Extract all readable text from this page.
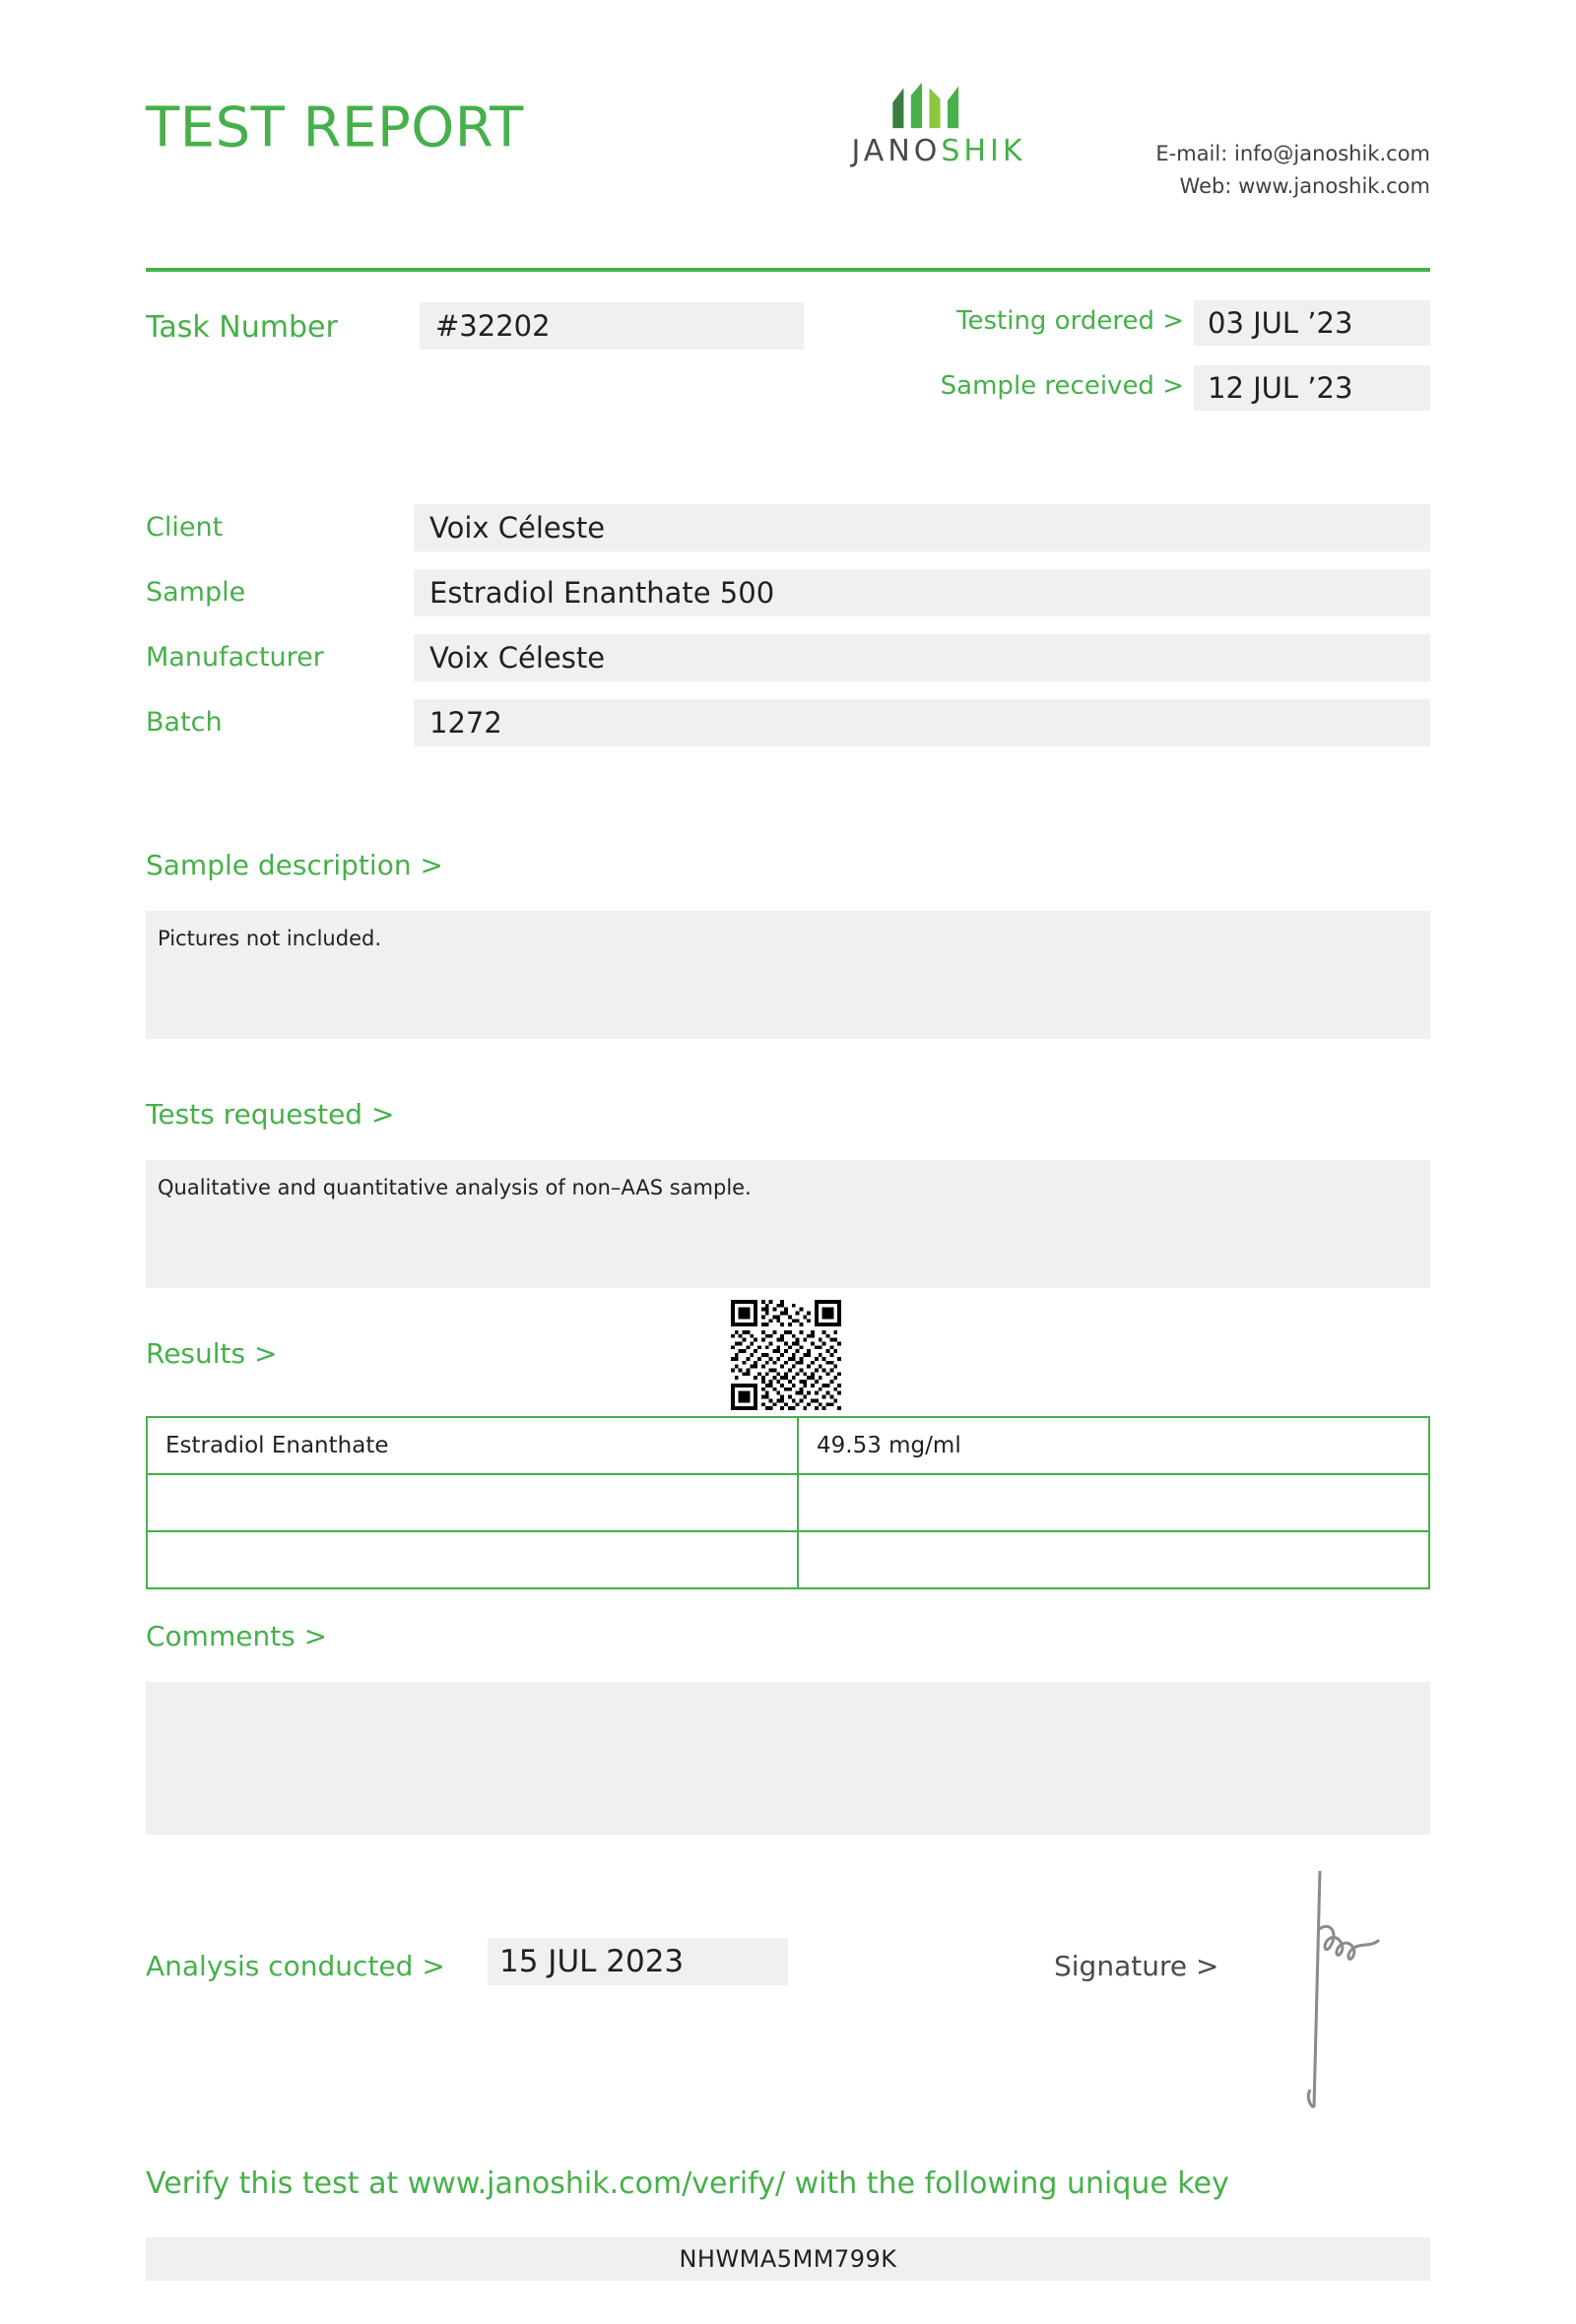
TEST REPORT	JANOSHIK	E-mail: info@janoshik.com
Web: www.janoshik.com
Task Number	#32202	Testing ordered > 03 JUL ’23
Sample received > 12 JUL ’23
Client	Voix Céleste
Sample	Estradiol Enanthate 500
Manufacturer	Voix Céleste
Batch	1272
Sample description >
Pictures not included.
Tests requested >
Qualitative and quantitative analysis of non–AAS sample.
Results >
Estradiol Enanthate	49.53 mg/ml

Comments >
Analysis conducted >	15 JUL 2023	Signature >
Verify this test at www.janoshik.com/verify/ with the following unique key
NHWMA5MM799K
